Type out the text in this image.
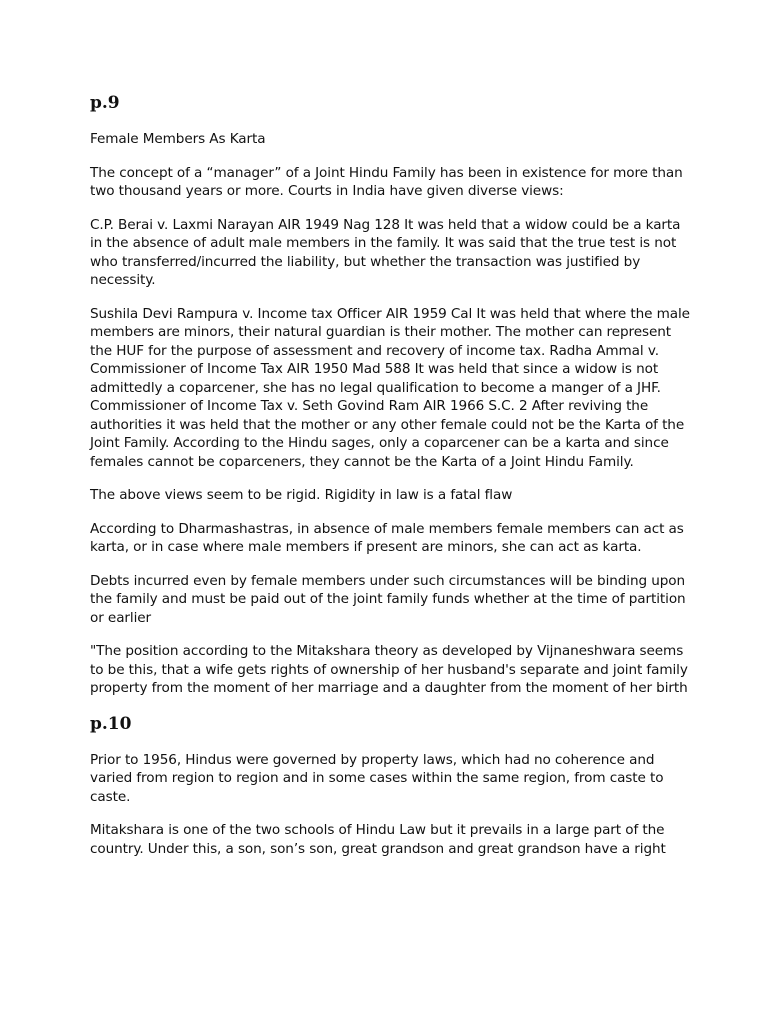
p.9

Female Members As Karta

The concept of a “manager” of a Joint Hindu Family has been in existence for more than two thousand years or more. Courts in India have given diverse views:

C.P. Berai v. Laxmi Narayan AIR 1949 Nag 128 It was held that a widow could be a karta in the absence of adult male members in the family. It was said that the true test is not who transferred/incurred the liability, but whether the transaction was justified by necessity.

Sushila Devi Rampura v. Income tax Officer AIR 1959 Cal It was held that where the male members are minors, their natural guardian is their mother. The mother can represent the HUF for the purpose of assessment and recovery of income tax. Radha Ammal v. Commissioner of Income Tax AIR 1950 Mad 588 It was held that since a widow is not admittedly a coparcener, she has no legal qualification to become a manger of a JHF. Commissioner of Income Tax v. Seth Govind Ram AIR 1966 S.C. 2 After reviving the authorities it was held that the mother or any other female could not be the Karta of the Joint Family. According to the Hindu sages, only a coparcener can be a karta and since females cannot be coparceners, they cannot be the Karta of a Joint Hindu Family.

The above views seem to be rigid. Rigidity in law is a fatal flaw

According to Dharmashastras, in absence of male members female members can act as karta, or in case where male members if present are minors, she can act as karta.

Debts incurred even by female members under such circumstances will be binding upon the family and must be paid out of the joint family funds whether at the time of partition or earlier

"The position according to the Mitakshara theory as developed by Vijnaneshwara seems to be this, that a wife gets rights of ownership of her husband's separate and joint family property from the moment of her marriage and a daughter from the moment of her birth

p.10

Prior to 1956, Hindus were governed by property laws, which had no coherence and varied from region to region and in some cases within the same region, from caste to caste.

Mitakshara is one of the two schools of Hindu Law but it prevails in a large part of the country. Under this, a son, son’s son, great grandson and great grandson have a right
